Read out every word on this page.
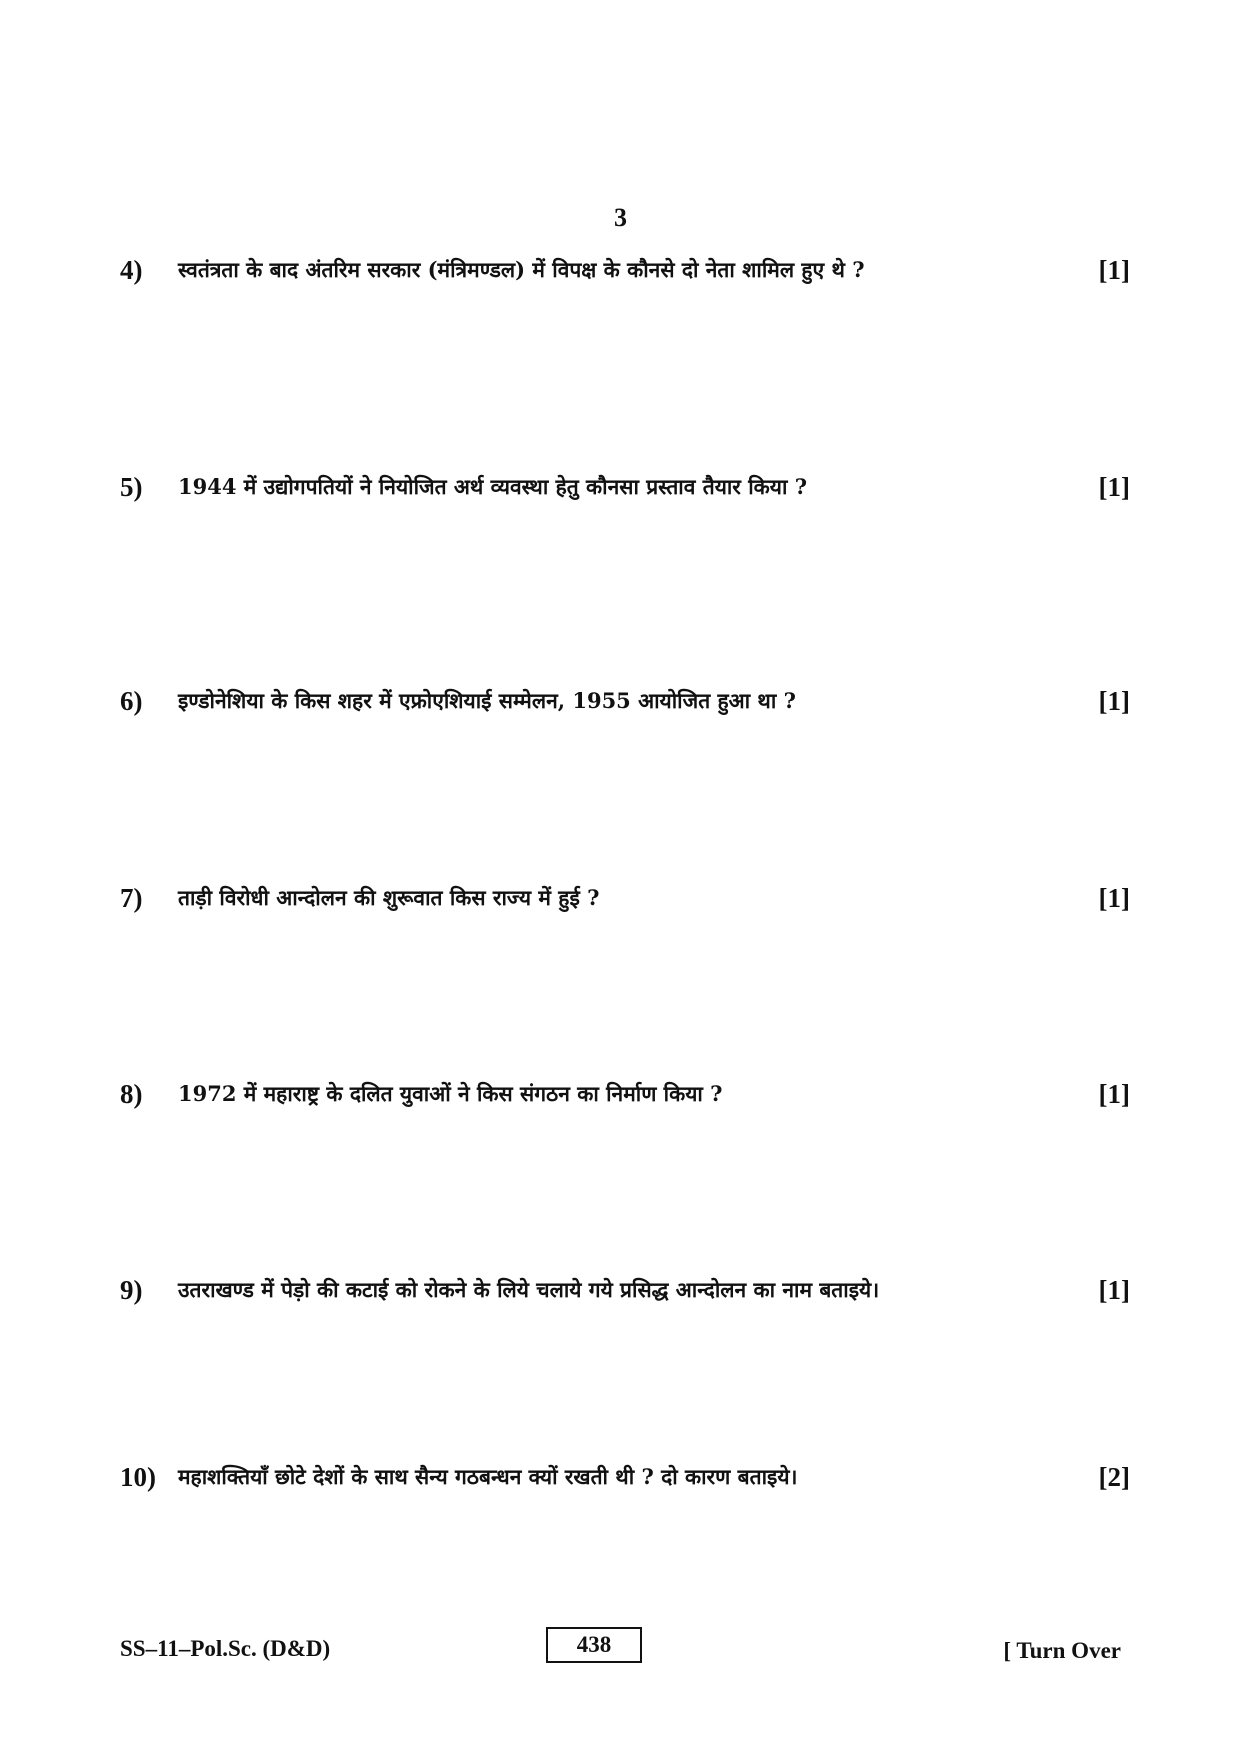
3
4) स्वतंत्रता के बाद अंतरिम सरकार (मंत्रिमण्डल) में विपक्ष के कौनसे दो नेता शामिल हुए थे ?	[1]
5) 1944 में उद्योगपतियों ने नियोजित अर्थ व्यवस्था हेतु कौनसा प्रस्ताव तैयार किया ?	[1]
6) इण्डोनेशिया के किस शहर में एफ्रोएशियाई सम्मेलन, 1955 आयोजित हुआ था ?	[1]
7) ताड़ी विरोधी आन्दोलन की शुरूवात किस राज्य में हुई ?	[1]
8) 1972 में महाराष्ट्र के दलित युवाओं ने किस संगठन का निर्माण किया ?	[1]
9) उतराखण्ड में पेड़ो की कटाई को रोकने के लिये चलाये गये प्रसिद्ध आन्दोलन का नाम बताइये।	[1]
10) महाशक्तियाँ छोटे देशों के साथ सैन्य गठबन्धन क्यों रखती थी ? दो कारण बताइये।	[2]
SS–11–Pol.Sc. (D&D)	438	[ Turn Over
